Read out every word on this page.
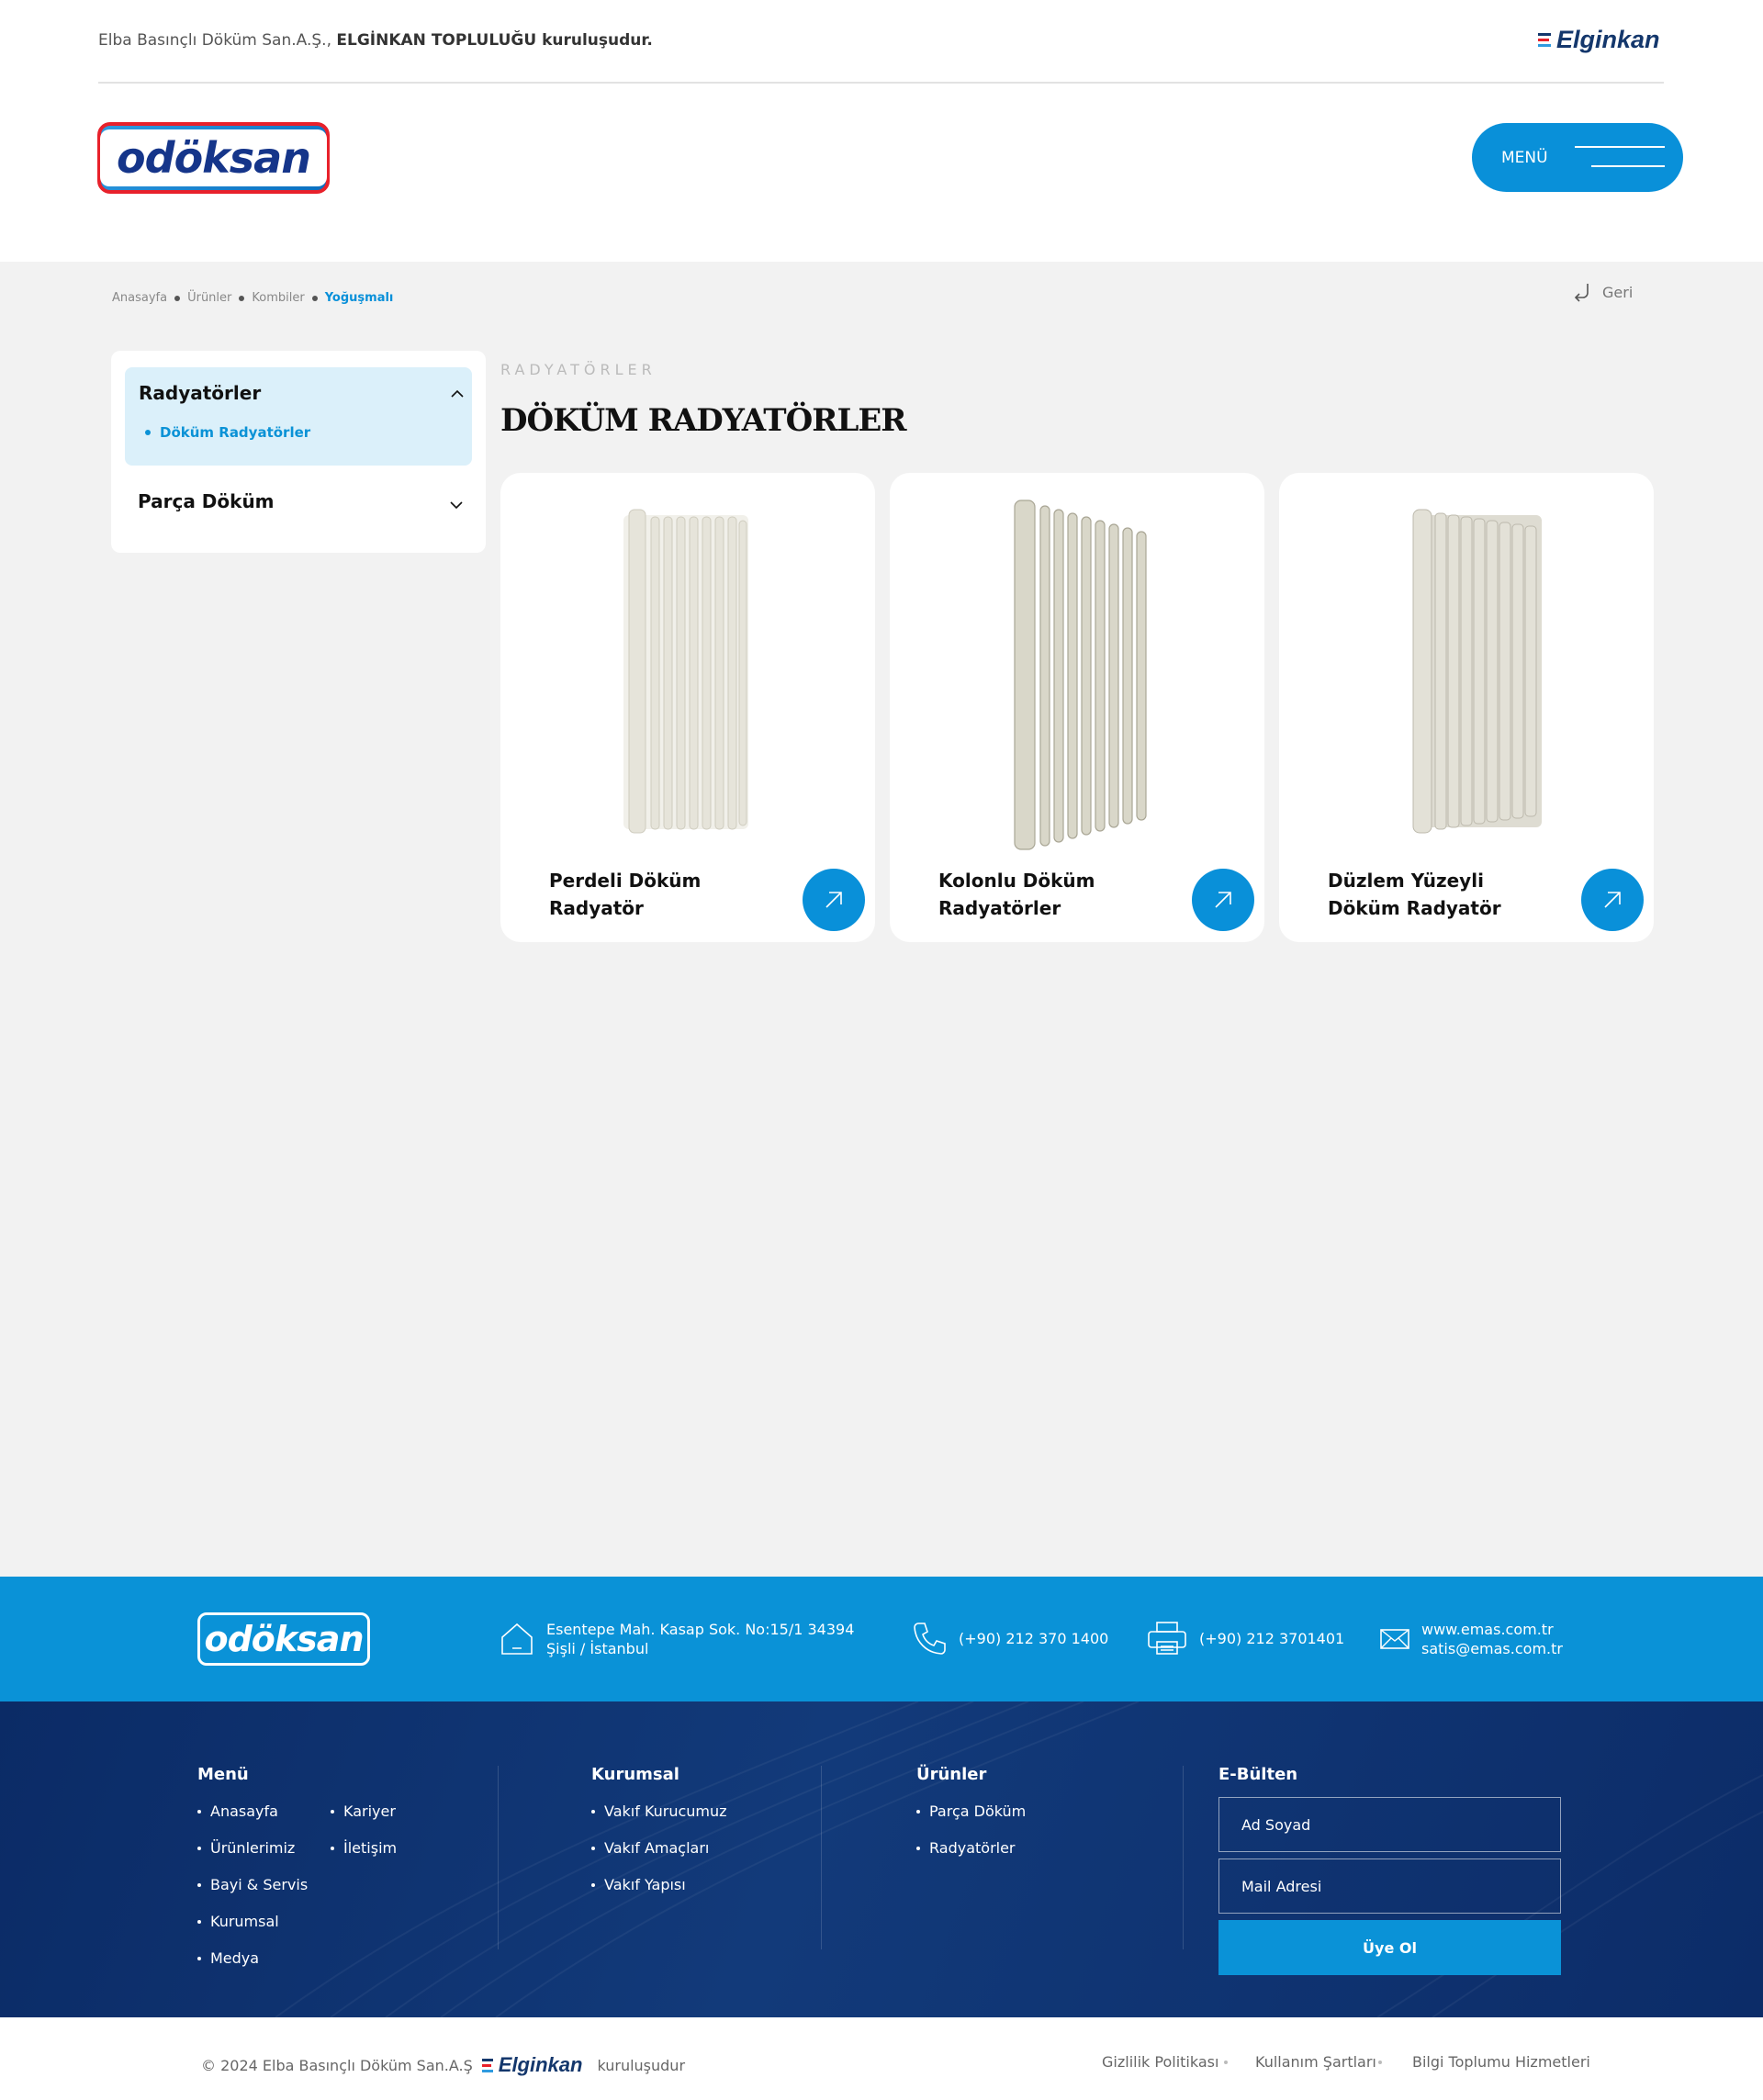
Elba Basınçlı Döküm San.A.Ş., ELGİNKAN TOPLULUĞU kuruluşudur.	Elginkan
odöksan	MENÜ
Anasayfa Ürünler Kombiler Yoğuşmalı	Geri
Radyatörler
Döküm Radyatörler
Parça Döküm
RADYATÖRLER
DÖKÜM RADYATÖRLER
Perdeli Döküm Radyatör
Kolonlu Döküm Radyatörler
Düzlem Yüzeyli Döküm Radyatör
odöksan	Esentepe Mah. Kasap Sok. No:15/1 34394
Şişli / İstanbul
(+90) 212 370 1400	(+90) 212 3701401	www.emas.com.tr
satis@emas.com.tr
Menü
Anasayfa
Ürünlerimiz
Bayi & Servis
Kurumsal
Medya
Kariyer
İletişim
Kurumsal
Vakıf Kurucumuz
Vakıf Amaçları
Vakıf Yapısı
Ürünler
Parça Döküm
Radyatörler
E-Bülten
Ad Soyad
Mail Adresi
Üye Ol
© 2024 Elba Basınçlı Döküm San.A.Ş Elginkan kuruluşudur	Gizlilik Politikası Kullanım Şartları Bilgi Toplumu Hizmetleri
